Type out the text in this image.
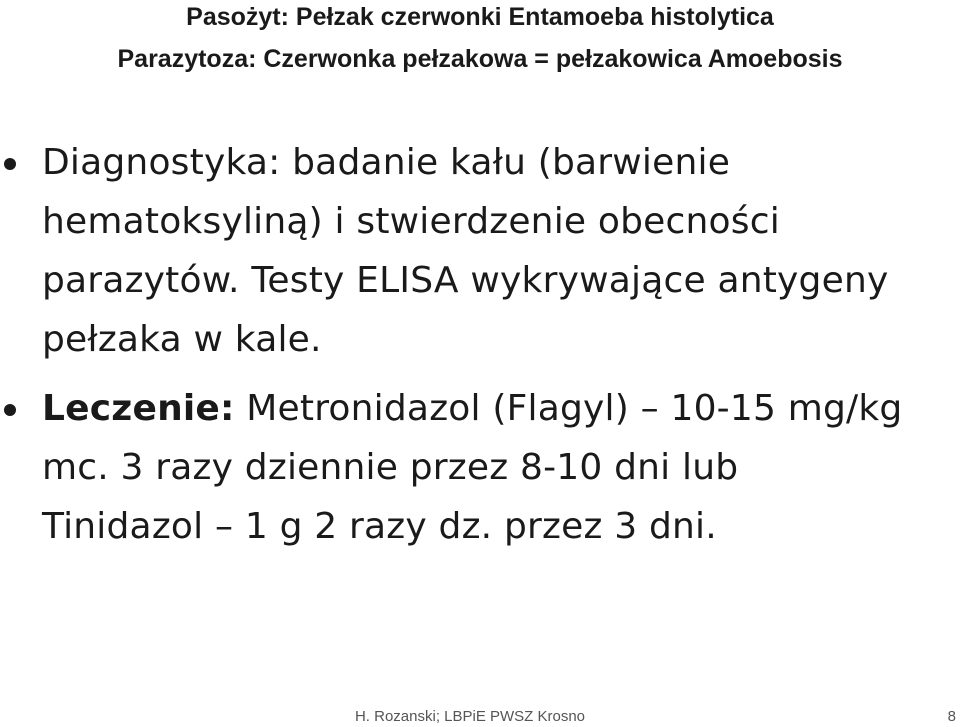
Pasożyt: Pełzak czerwonki Entamoeba histolytica
Parazytoza: Czerwonka pełzakowa = pełzakowica Amoebosis
Diagnostyka: badanie kału (barwienie
hematoksyliną) i stwierdzenie obecności
parazytów. Testy ELISA wykrywające antygeny
pełzaka w kale.
Leczenie: Metronidazol (Flagyl) – 10-15 mg/kg
mc. 3 razy dziennie przez 8-10 dni lub
Tinidazol – 1 g 2 razy dz. przez 3 dni.
H. Rozanski; LBPiE PWSZ Krosno	8
